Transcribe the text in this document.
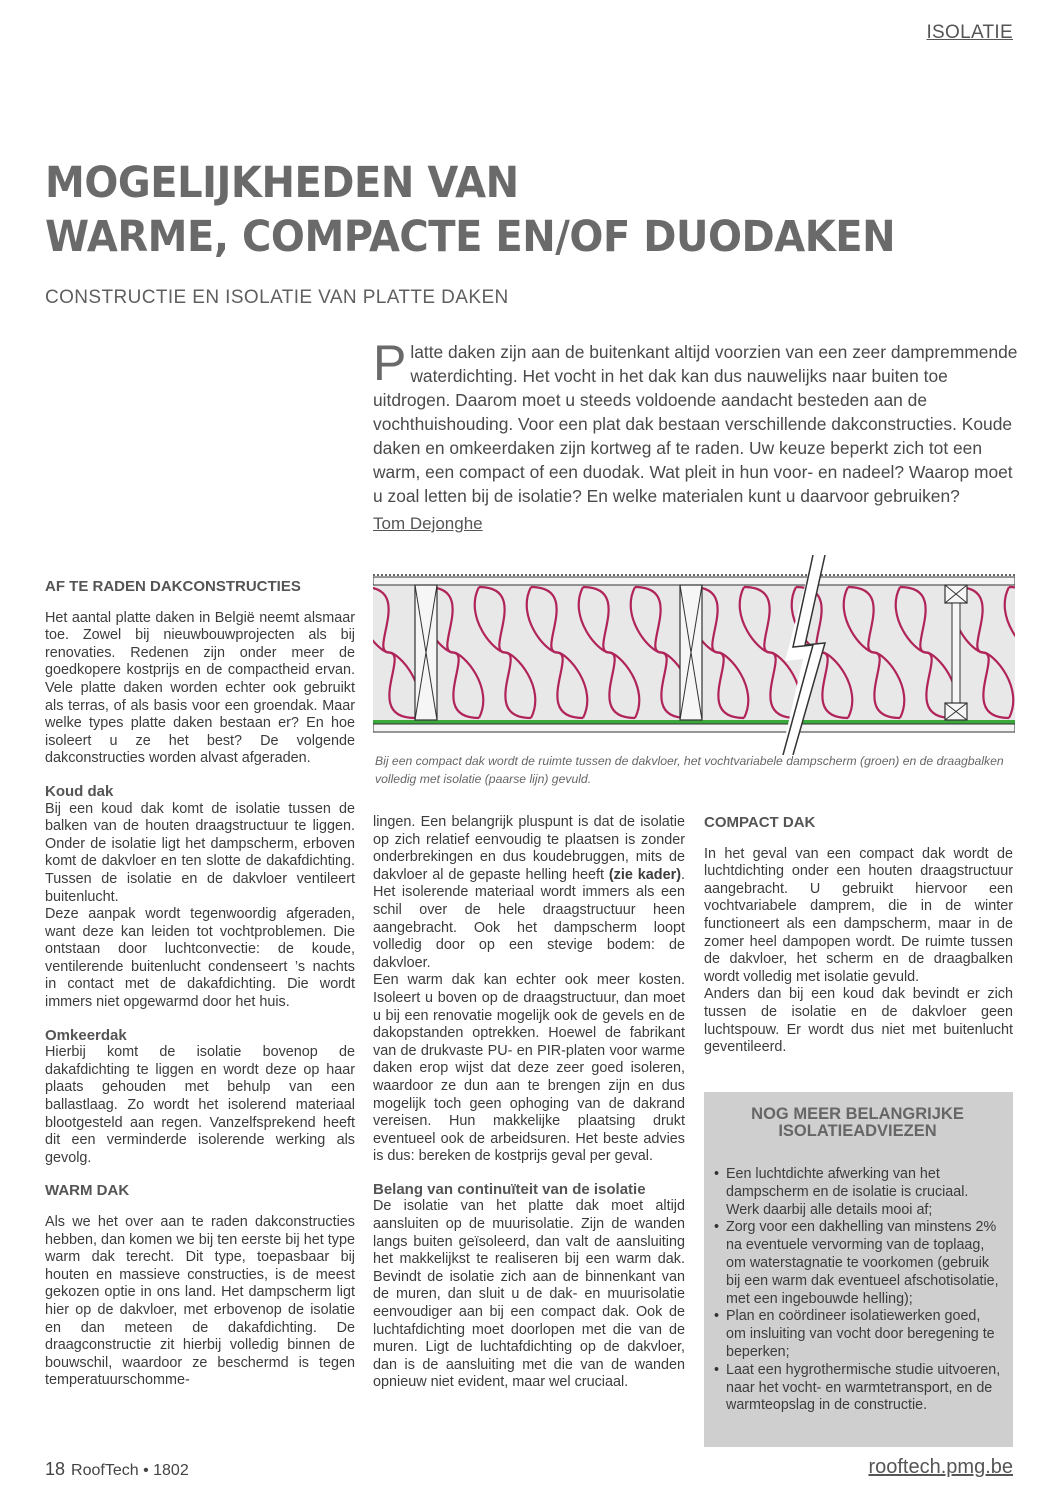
ISOLATIE
MOGELIJKHEDEN VAN
WARME, COMPACTE EN/OF DUODAKEN
CONSTRUCTIE EN ISOLATIE VAN PLATTE DAKEN
Platte daken zijn aan de buitenkant altijd voorzien van een zeer dampremmende waterdichting. Het vocht in het dak kan dus nauwelijks naar buiten toe uitdrogen. Daarom moet u steeds voldoende aandacht besteden aan de vochthuishouding. Voor een plat dak bestaan verschillende dakconstructies. Koude daken en omkeerdaken zijn kortweg af te raden. Uw keuze beperkt zich tot een warm, een compact of een duodak. Wat pleit in hun voor- en nadeel? Waarop moet u zoal letten bij de isolatie? En welke materialen kunt u daarvoor gebruiken?
Tom Dejonghe
Bij een compact dak wordt de ruimte tussen de dakvloer, het vochtvariabele dampscherm (groen) en de draagbalken volledig met isolatie (paarse lijn) gevuld.
AF TE RADEN DAKCONSTRUCTIES

Het aantal platte daken in België neemt alsmaar toe. Zowel bij nieuwbouwprojecten als bij renovaties. Redenen zijn onder meer de goedkopere kostprijs en de compactheid ervan. Vele platte daken worden echter ook gebruikt als terras, of als basis voor een groendak. Maar welke types platte daken bestaan er? En hoe isoleert u ze het best? De volgende dakconstructies worden alvast afgeraden.

Koud dak

Bij een koud dak komt de isolatie tussen de balken van de houten draagstructuur te liggen. Onder de isolatie ligt het dampscherm, erboven komt de dakvloer en ten slotte de dakafdichting. Tussen de isolatie en de dakvloer ventileert buitenlucht.

Deze aanpak wordt tegenwoordig afgeraden, want deze kan leiden tot vochtproblemen. Die ontstaan door luchtconvectie: de koude, ventilerende buitenlucht condenseert ’s nachts in contact met de dakafdichting. Die wordt immers niet opgewarmd door het huis.

Omkeerdak

Hierbij komt de isolatie bovenop de dakafdichting te liggen en wordt deze op haar plaats gehouden met behulp van een ballastlaag. Zo wordt het isolerend materiaal blootgesteld aan regen. Vanzelfsprekend heeft dit een verminderde isolerende werking als gevolg.

WARM DAK

Als we het over aan te raden dakconstructies hebben, dan komen we bij ten eerste bij het type warm dak terecht. Dit type, toepasbaar bij houten en massieve constructies, is de meest gekozen optie in ons land. Het dampscherm ligt hier op de dakvloer, met erbovenop de isolatie en dan meteen de dakafdichting. De draagconstructie zit hierbij volledig binnen de bouwschil, waardoor ze beschermd is tegen temperatuurschomme-

lingen. Een belangrijk pluspunt is dat de isolatie op zich relatief eenvoudig te plaatsen is zonder onderbrekingen en dus koudebruggen, mits de dakvloer al de gepaste helling heeft (zie kader). Het isolerende materiaal wordt immers als een schil over de hele draagstructuur heen aangebracht. Ook het dampscherm loopt volledig door op een stevige bodem: de dakvloer.

Een warm dak kan echter ook meer kosten. Isoleert u boven op de draagstructuur, dan moet u bij een renovatie mogelijk ook de gevels en de dakopstanden optrekken. Hoewel de fabrikant van de drukvaste PU- en PIR-platen voor warme daken erop wijst dat deze zeer goed isoleren, waardoor ze dun aan te brengen zijn en dus mogelijk toch geen ophoging van de dakrand vereisen. Hun makkelijke plaatsing drukt eventueel ook de arbeidsuren. Het beste advies is dus: bereken de kostprijs geval per geval.

Belang van continuïteit van de isolatie

De isolatie van het platte dak moet altijd aansluiten op de muurisolatie. Zijn de wanden langs buiten geïsoleerd, dan valt de aansluiting het makkelijkst te realiseren bij een warm dak. Bevindt de isolatie zich aan de binnenkant van de muren, dan sluit u de dak- en muurisolatie eenvoudiger aan bij een compact dak. Ook de luchtafdichting moet doorlopen met die van de muren. Ligt de luchtafdichting op de dakvloer, dan is de aansluiting met die van de wanden opnieuw niet evident, maar wel cruciaal.

COMPACT DAK

In het geval van een compact dak wordt de luchtdichting onder een houten draagstructuur aangebracht. U gebruikt hiervoor een vochtvariabele damprem, die in de winter functioneert als een dampscherm, maar in de zomer heel dampopen wordt. De ruimte tussen de dakvloer, het scherm en de draagbalken wordt volledig met isolatie gevuld.

Anders dan bij een koud dak bevindt er zich tussen de isolatie en de dakvloer geen luchtspouw. Er wordt dus niet met buitenlucht geventileerd.

NOG MEER BELANGRIJKE ISOLATIEADVIEZEN
• Een luchtdichte afwerking van het dampscherm en de isolatie is cruciaal. Werk daarbij alle details mooi af;
• Zorg voor een dakhelling van minstens 2% na eventuele vervorming van de toplaag, om waterstagnatie te voorkomen (gebruik bij een warm dak eventueel afschotisolatie, met een ingebouwde helling);
• Plan en coördineer isolatiewerken goed, om insluiting van vocht door beregening te beperken;
• Laat een hygrothermische studie uitvoeren, naar het vocht- en warmtetransport, en de warmteopslag in de constructie.
18 RoofTech • 1802	rooftech.pmg.be
